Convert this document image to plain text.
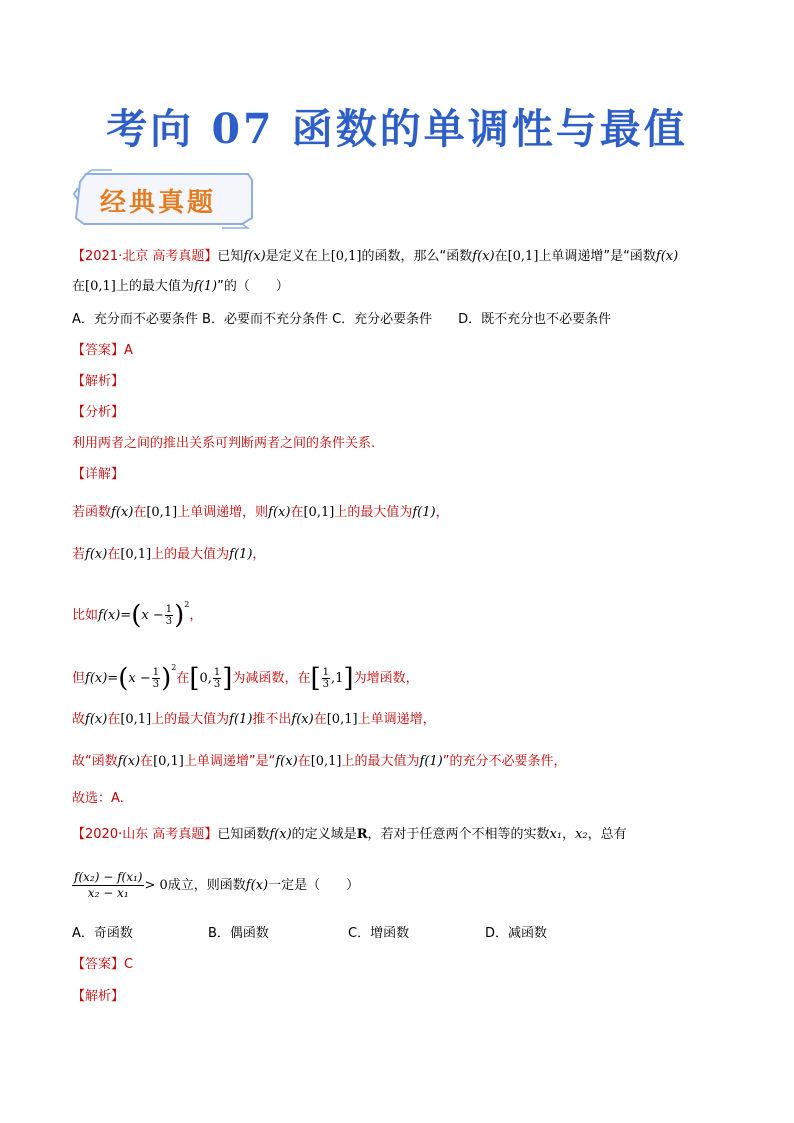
考向 07 函数的单调性与最值
经典真题
【2021·北京 高考真题】已知f(x)是定义在上[0,1]的函数，那么“函数f(x)在[0,1]上单调递增”是“函数f(x)
在[0,1]上的最大值为f(1)”的（　　）
A．充分而不必要条件 B．必要而不充分条件 C．充分必要条件　　D．既不充分也不必要条件
【答案】A
【解析】
【分析】
利用两者之间的推出关系可判断两者之间的条件关系.
【详解】
若函数f(x)在[0,1]上单调递增，则f(x)在[0,1]上的最大值为f(1)，
若f(x)在[0,1]上的最大值为f(1)，
比如$f(x)=(x - \frac{1}{3} )^2$，
但$f(x)=(x - \frac{1}{3} )^2$在[0, $\frac{1}{3}$ ]为减函数，在[ $\frac{1}{3} ,1$]为增函数，
故f(x)在[0,1]上的最大值为f(1)推不出f(x)在[0,1]上单调递增，
故“函数f(x)在[0,1]上单调递增”是“f(x)在[0,1]上的最大值为f(1)”的充分不必要条件，
故选：A.
【2020·山东 高考真题】已知函数f(x)的定义域是R，若对于任意两个不相等的实数x₁，x₂，总有
$\frac{\text{f(x₂) − f(x₁)}}{\text{x₂ − x₁}} > 0$成立，则函数f(x)一定是（　　）
A．奇函数	B．偶函数	C．增函数	D．减函数
【答案】C
【解析】
